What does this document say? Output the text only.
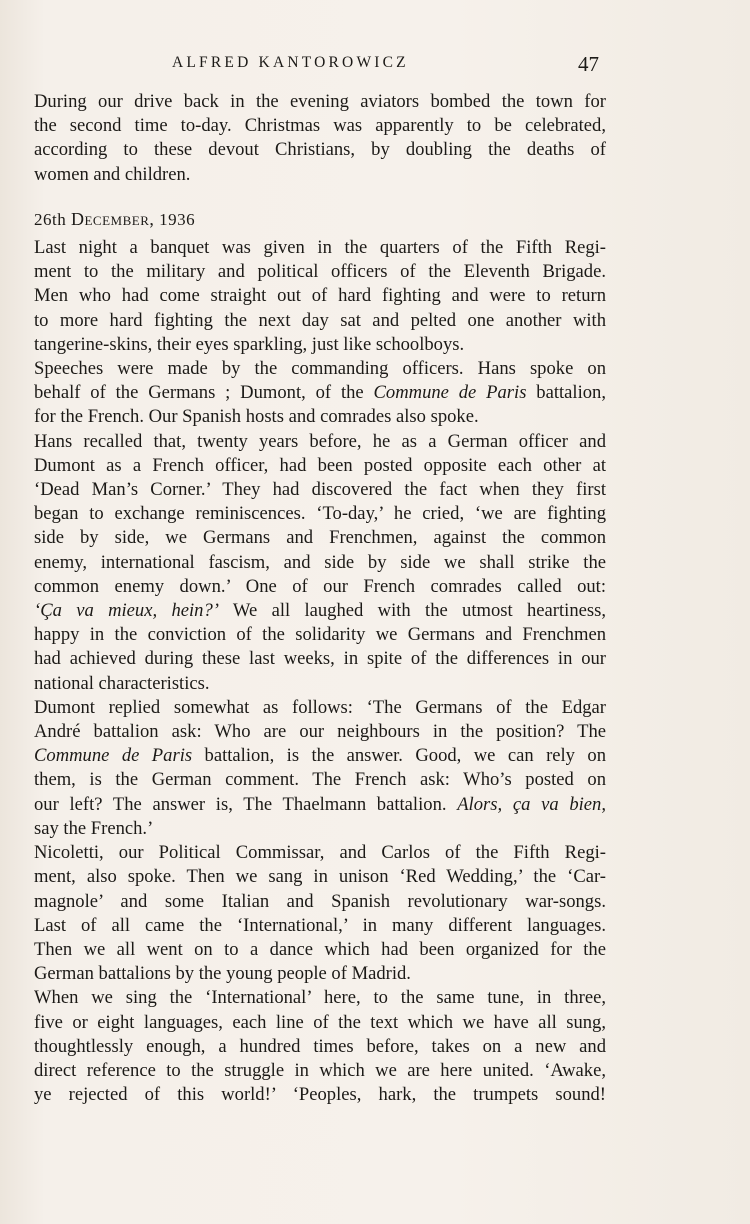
ALFRED KANTOROWICZ	47
During our drive back in the evening aviators bombed the town for
the second time to-day. Christmas was apparently to be celebrated,
according to these devout Christians, by doubling the deaths of
women and children.
26th December, 1936
Last night a banquet was given in the quarters of the Fifth Regi-
ment to the military and political officers of the Eleventh Brigade.
Men who had come straight out of hard fighting and were to return
to more hard fighting the next day sat and pelted one another with
tangerine-skins, their eyes sparkling, just like schoolboys.
Speeches were made by the commanding officers. Hans spoke on
behalf of the Germans ; Dumont, of the Commune de Paris battalion,
for the French. Our Spanish hosts and comrades also spoke.
Hans recalled that, twenty years before, he as a German officer and
Dumont as a French officer, had been posted opposite each other at
‘Dead Man’s Corner.’ They had discovered the fact when they first
began to exchange reminiscences. ‘To-day,’ he cried, ‘we are fighting
side by side, we Germans and Frenchmen, against the common
enemy, international fascism, and side by side we shall strike the
common enemy down.’ One of our French comrades called out:
‘Ça va mieux, hein?’ We all laughed with the utmost heartiness,
happy in the conviction of the solidarity we Germans and Frenchmen
had achieved during these last weeks, in spite of the differences in our
national characteristics.
Dumont replied somewhat as follows: ‘The Germans of the Edgar
André battalion ask: Who are our neighbours in the position? The
Commune de Paris battalion, is the answer. Good, we can rely on
them, is the German comment. The French ask: Who’s posted on
our left? The answer is, The Thaelmann battalion. Alors, ça va bien,
say the French.’
Nicoletti, our Political Commissar, and Carlos of the Fifth Regi-
ment, also spoke. Then we sang in unison ‘Red Wedding,’ the ‘Car-
magnole’ and some Italian and Spanish revolutionary war-songs.
Last of all came the ‘International,’ in many different languages.
Then we all went on to a dance which had been organized for the
German battalions by the young people of Madrid.
When we sing the ‘International’ here, to the same tune, in three,
five or eight languages, each line of the text which we have all sung,
thoughtlessly enough, a hundred times before, takes on a new and
direct reference to the struggle in which we are here united. ‘Awake,
ye rejected of this world!’ ‘Peoples, hark, the trumpets sound!
